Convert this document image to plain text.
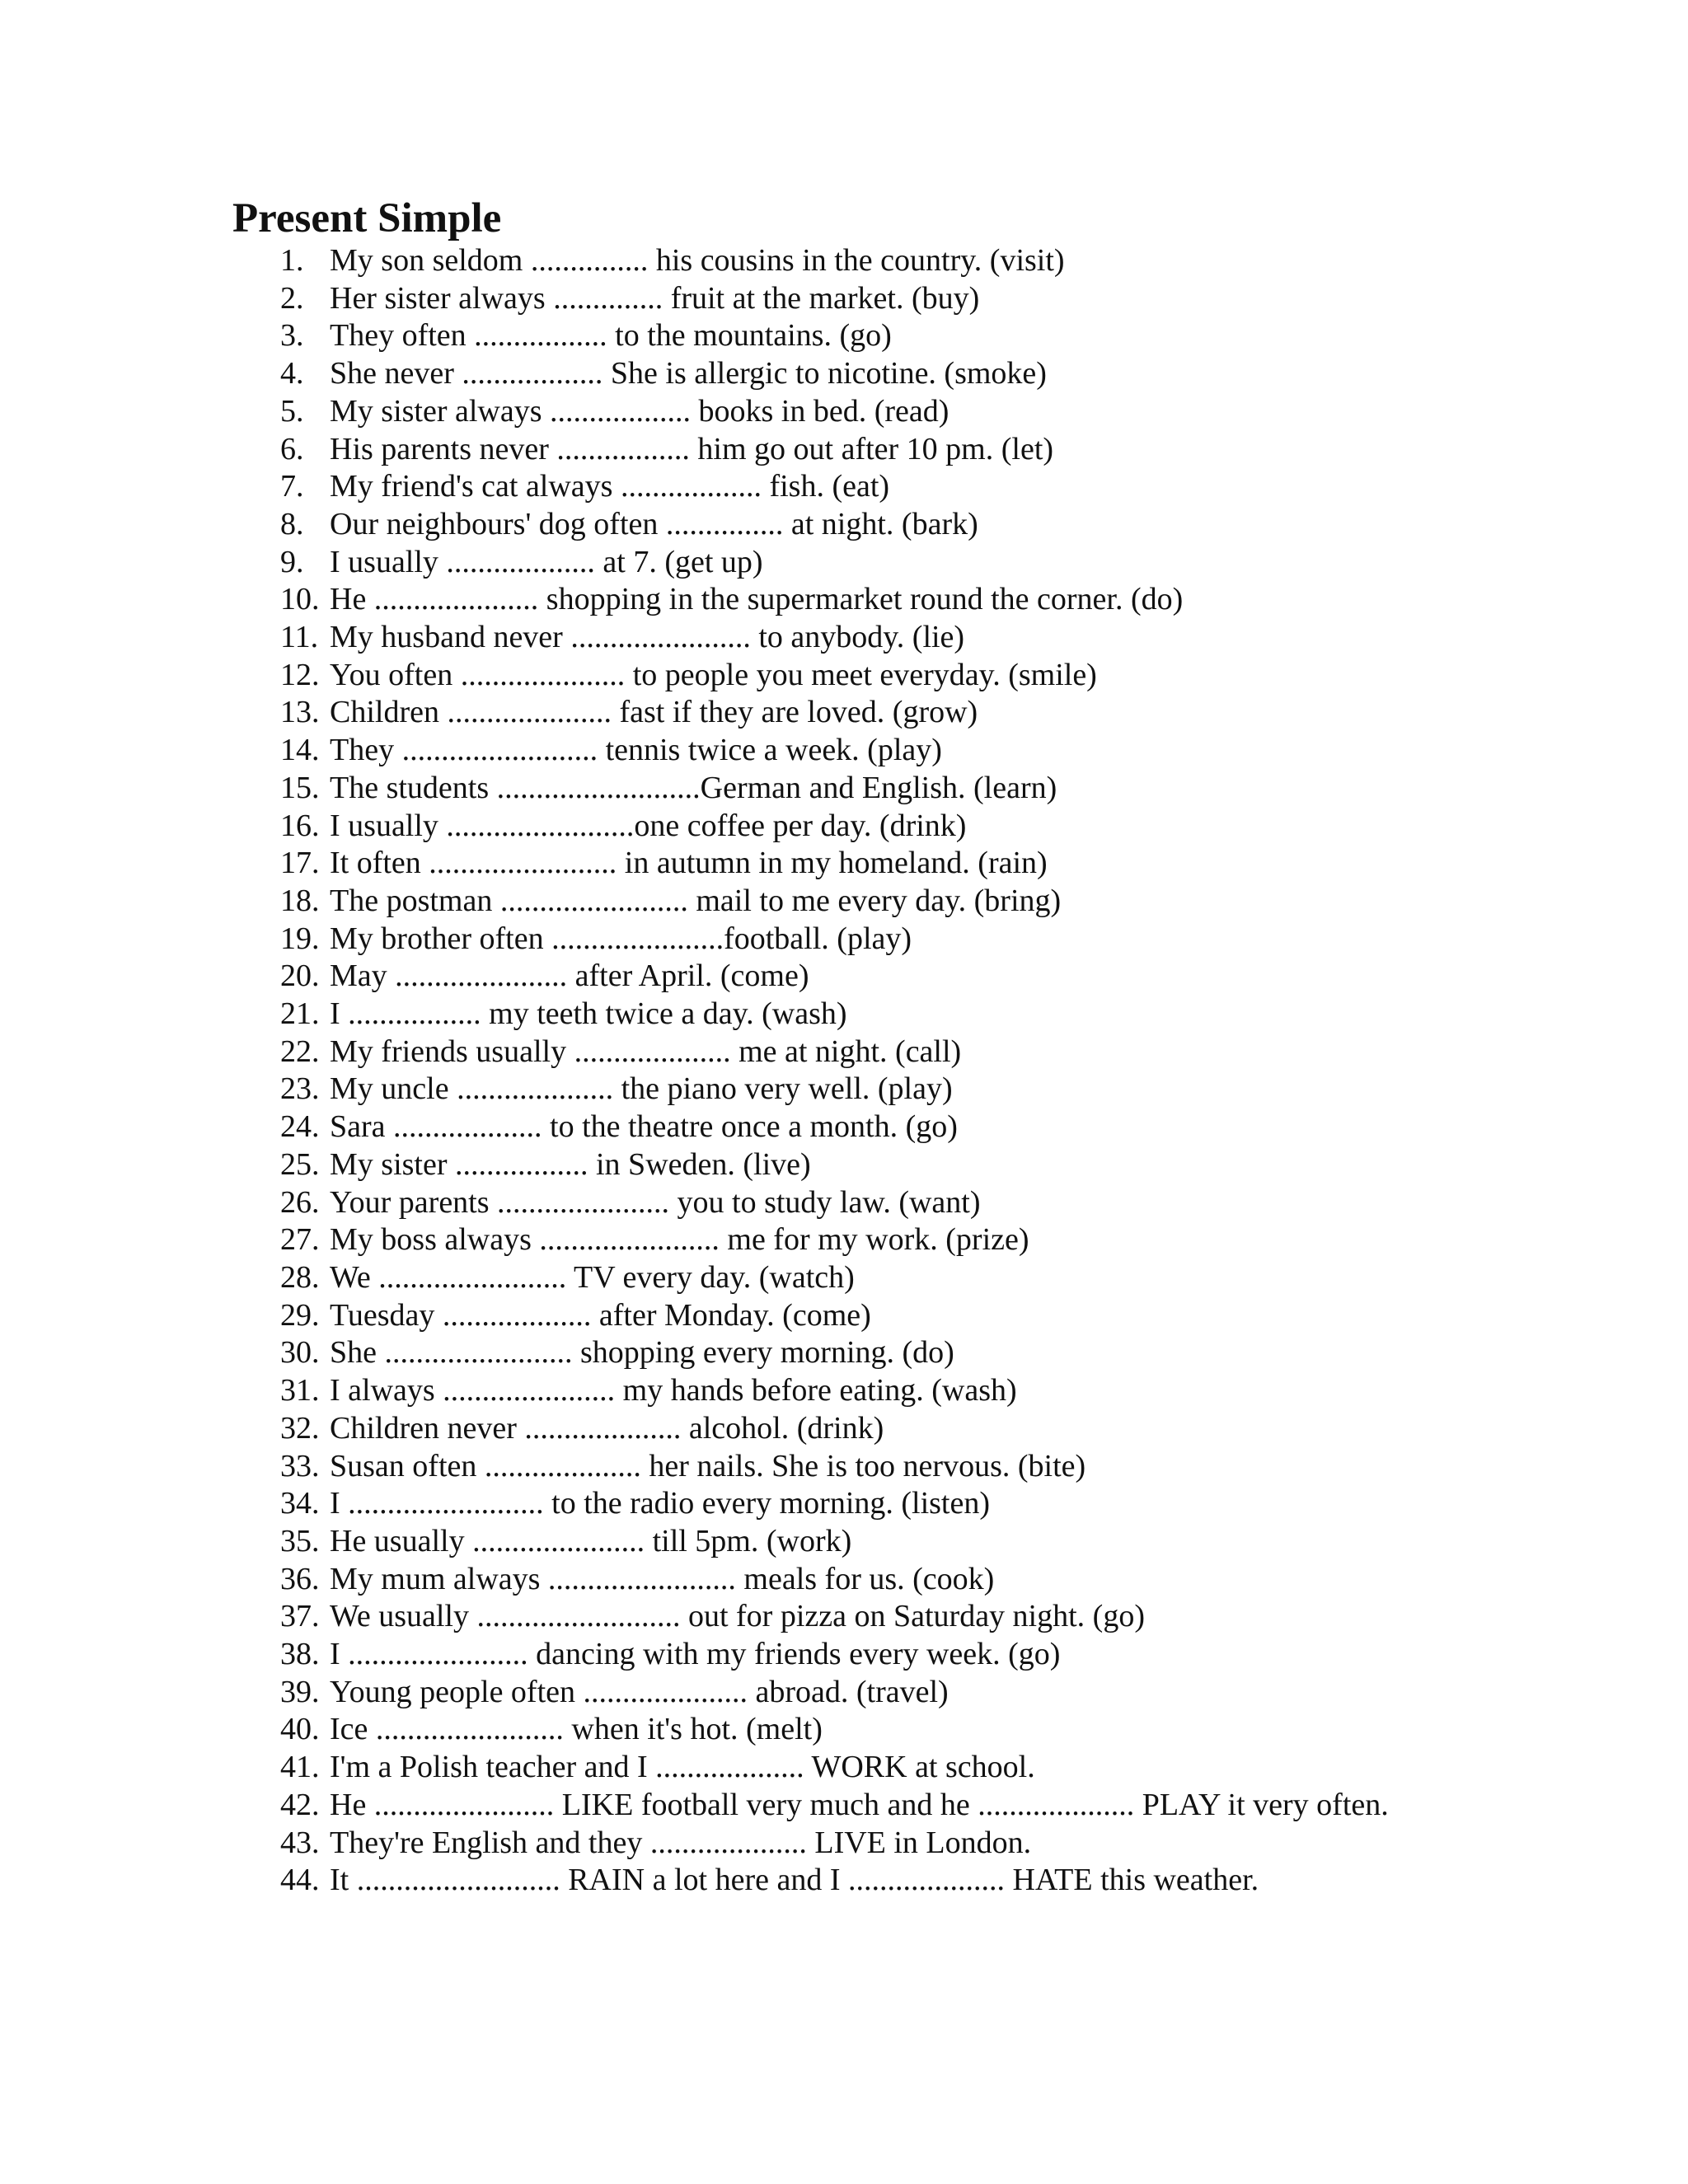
Present Simple
1. My son seldom ............... his cousins in the country. (visit)
2. Her sister always .............. fruit at the market. (buy)
3. They often ................. to the mountains. (go)
4. She never .................. She is allergic to nicotine. (smoke)
5. My sister always .................. books in bed. (read)
6. His parents never ................. him go out after 10 pm. (let)
7. My friend's cat always .................. fish. (eat)
8. Our neighbours' dog often ............... at night. (bark)
9. I usually ................... at 7. (get up)
10. He ..................... shopping in the supermarket round the corner. (do)
11. My husband never ....................... to anybody. (lie)
12. You often ..................... to people you meet everyday. (smile)
13. Children ..................... fast if they are loved. (grow)
14. They ......................... tennis twice a week. (play)
15. The students ..........................German and English. (learn)
16. I usually ........................one coffee per day. (drink)
17. It often ........................ in autumn in my homeland. (rain)
18. The postman ........................ mail to me every day. (bring)
19. My brother often ......................football. (play)
20. May ...................... after April. (come)
21. I ................. my teeth twice a day. (wash)
22. My friends usually .................... me at night. (call)
23. My uncle .................... the piano very well. (play)
24. Sara ................... to the theatre once a month. (go)
25. My sister ................. in Sweden. (live)
26. Your parents ...................... you to study law. (want)
27. My boss always ....................... me for my work. (prize)
28. We ........................ TV every day. (watch)
29. Tuesday ................... after Monday. (come)
30. She ........................ shopping every morning. (do)
31. I always ...................... my hands before eating. (wash)
32. Children never .................... alcohol. (drink)
33. Susan often .................... her nails. She is too nervous. (bite)
34. I ......................... to the radio every morning. (listen)
35. He usually ...................... till 5pm. (work)
36. My mum always ........................ meals for us. (cook)
37. We usually .......................... out for pizza on Saturday night. (go)
38. I ....................... dancing with my friends every week. (go)
39. Young people often ..................... abroad. (travel)
40. Ice ........................ when it's hot. (melt)
41. I'm a Polish teacher and I ................... WORK at school.
42. He ....................... LIKE football very much and he .................... PLAY it very often.
43. They're English and they .................... LIVE in London.
44. It .......................... RAIN a lot here and I .................... HATE this weather.
